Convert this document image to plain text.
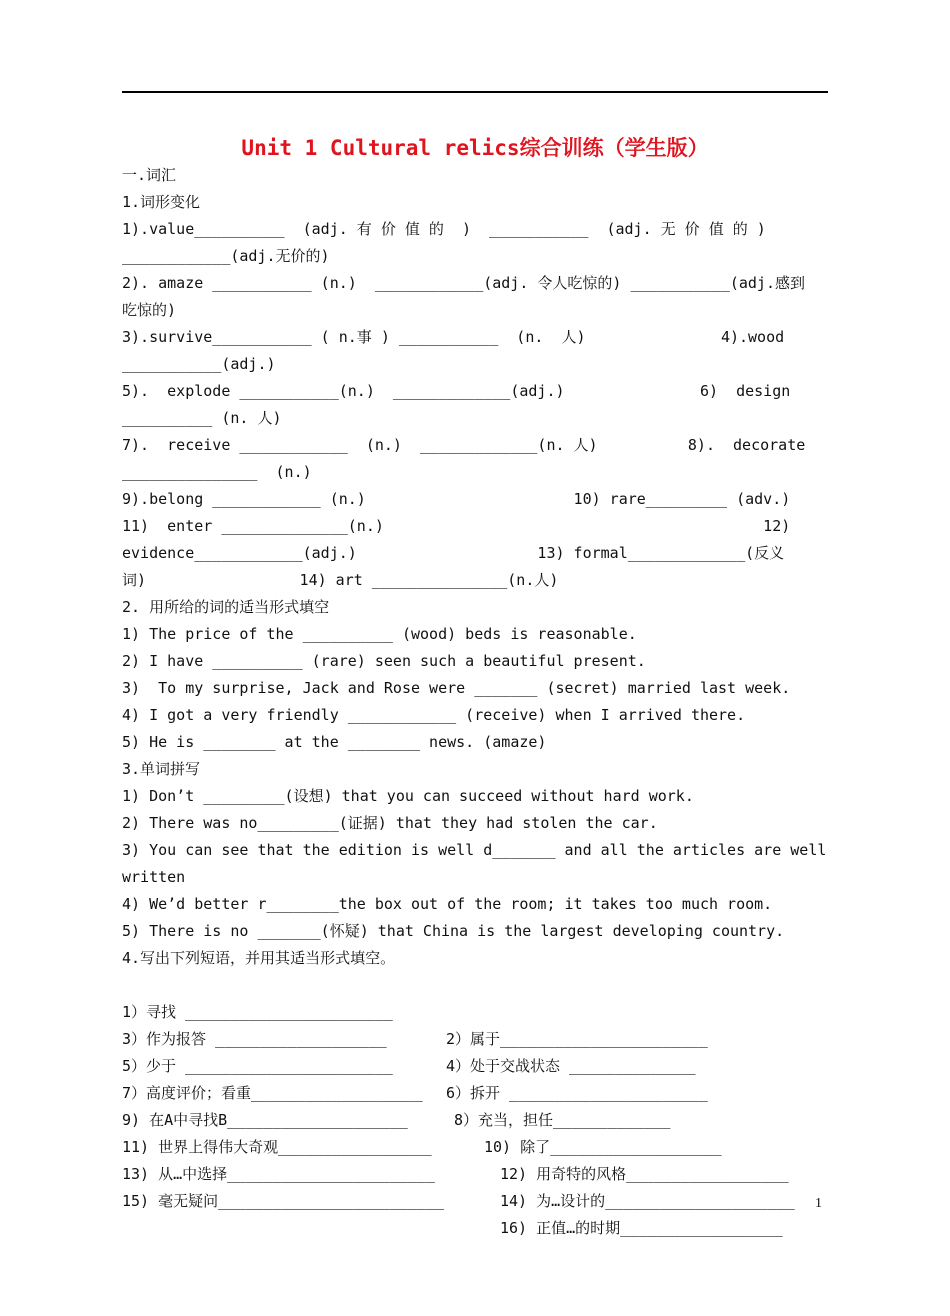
Unit 1 Cultural relics综合训练（学生版）
一.词汇
1.词形变化
1).value__________  (adj. 有 价 值 的  )  ___________  (adj. 无 价 值 的 )
____________(adj.无价的)
2). amaze ___________ (n.)  ____________(adj. 令人吃惊的) ___________(adj.感到
吃惊的)
3).survive___________ ( n.事 ) ___________  (n.  人)               4).wood
___________(adj.)
5).  explode ___________(n.)  _____________(adj.)               6)  design
__________ (n. 人)
7).  receive ____________  (n.)  _____________(n. 人)          8).  decorate
_______________  (n.)
9).belong ____________ (n.)                       10) rare_________ (adv.)
11)  enter ______________(n.)                                          12)
evidence____________(adj.)                    13) formal_____________(反义
词)                 14) art _______________(n.人)
2. 用所给的词的适当形式填空
1) The price of the __________ (wood) beds is reasonable.
2) I have __________ (rare) seen such a beautiful present.
3)  To my surprise, Jack and Rose were _______ (secret) married last week.
4) I got a very friendly ____________ (receive) when I arrived there.
5) He is ________ at the ________ news. (amaze)
3.单词拼写
1) Don’t _________(设想) that you can succeed without hard work.
2) There was no_________(证据) that they had stolen the car.
3) You can see that the edition is well d_______ and all the articles are well
written
4) We’d better r________the box out of the room; it takes too much room.
5) There is no _______(怀疑) that China is the largest developing country.
4.写出下列短语，并用其适当形式填空。

1）寻找 _______________________

2）属于_______________________

3）作为报答 ___________________

4）处于交战状态 ______________

5）少于 _______________________

6）拆开 ______________________

7）高度评价；看重___________________

8）充当，担任_____________

9) 在A中寻找B____________________

10) 除了___________________

11) 世界上得伟大奇观_________________

12) 用奇特的风格__________________

13) 从…中选择_______________________

14) 为…设计的_____________________

15) 毫无疑问_________________________

16) 正值…的时期__________________

1
